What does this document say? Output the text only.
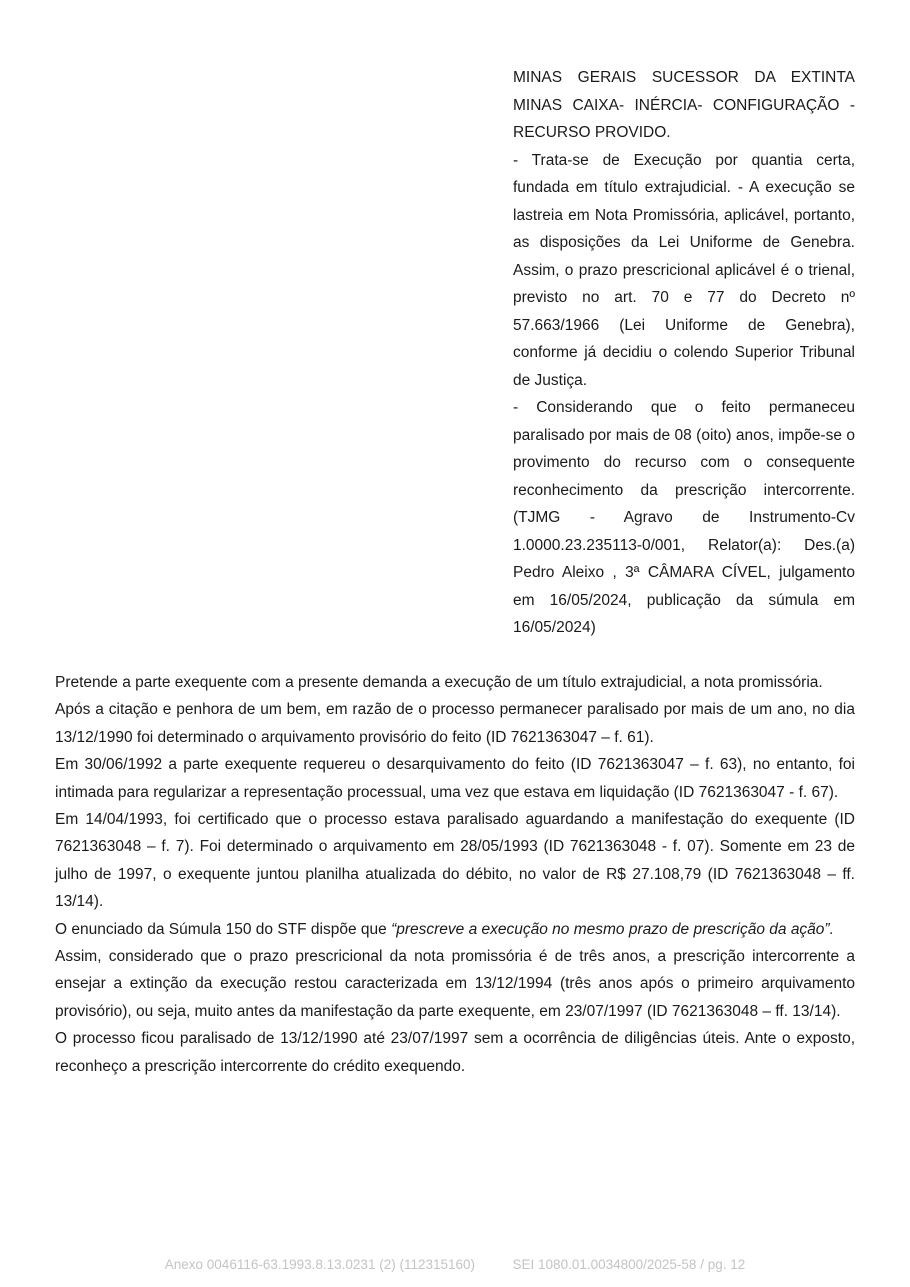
MINAS GERAIS SUCESSOR DA EXTINTA MINAS CAIXA- INÉRCIA- CONFIGURAÇÃO - RECURSO PROVIDO.

- Trata-se de Execução por quantia certa, fundada em título extrajudicial. - A execução se lastreia em Nota Promissória, aplicável, portanto, as disposições da Lei Uniforme de Genebra. Assim, o prazo prescricional aplicável é o trienal, previsto no art. 70 e 77 do Decreto nº 57.663/1966 (Lei Uniforme de Genebra), conforme já decidiu o colendo Superior Tribunal de Justiça.

- Considerando que o feito permaneceu paralisado por mais de 08 (oito) anos, impõe-se o provimento do recurso com o consequente reconhecimento da prescrição intercorrente. (TJMG - Agravo de Instrumento-Cv 1.0000.23.235113-0/001, Relator(a): Des.(a) Pedro Aleixo , 3ª CÂMARA CÍVEL, julgamento em 16/05/2024, publicação da súmula em 16/05/2024)

Pretende a parte exequente com a presente demanda a execução de um título extrajudicial, a nota promissória.

Após a citação e penhora de um bem, em razão de o processo permanecer paralisado por mais de um ano, no dia 13/12/1990 foi determinado o arquivamento provisório do feito (ID 7621363047 – f. 61).

Em 30/06/1992 a parte exequente requereu o desarquivamento do feito (ID 7621363047 – f. 63), no entanto, foi intimada para regularizar a representação processual, uma vez que estava em liquidação (ID 7621363047 - f. 67).

Em 14/04/1993, foi certificado que o processo estava paralisado aguardando a manifestação do exequente (ID 7621363048 – f. 7). Foi determinado o arquivamento em 28/05/1993 (ID 7621363048 - f. 07). Somente em 23 de julho de 1997, o exequente juntou planilha atualizada do débito, no valor de R$ 27.108,79 (ID 7621363048 – ff. 13/14).

O enunciado da Súmula 150 do STF dispõe que “prescreve a execução no mesmo prazo de prescrição da ação”.

Assim, considerado que o prazo prescricional da nota promissória é de três anos, a prescrição intercorrente a ensejar a extinção da execução restou caracterizada em 13/12/1994 (três anos após o primeiro arquivamento provisório), ou seja, muito antes da manifestação da parte exequente, em 23/07/1997 (ID 7621363048 – ff. 13/14).

O processo ficou paralisado de 13/12/1990 até 23/07/1997 sem a ocorrência de diligências úteis. Ante o exposto, reconheço a prescrição intercorrente do crédito exequendo.

Anexo 0046116-63.1993.8.13.0231 (2) (112315160)	SEI 1080.01.0034800/2025-58 / pg. 12
